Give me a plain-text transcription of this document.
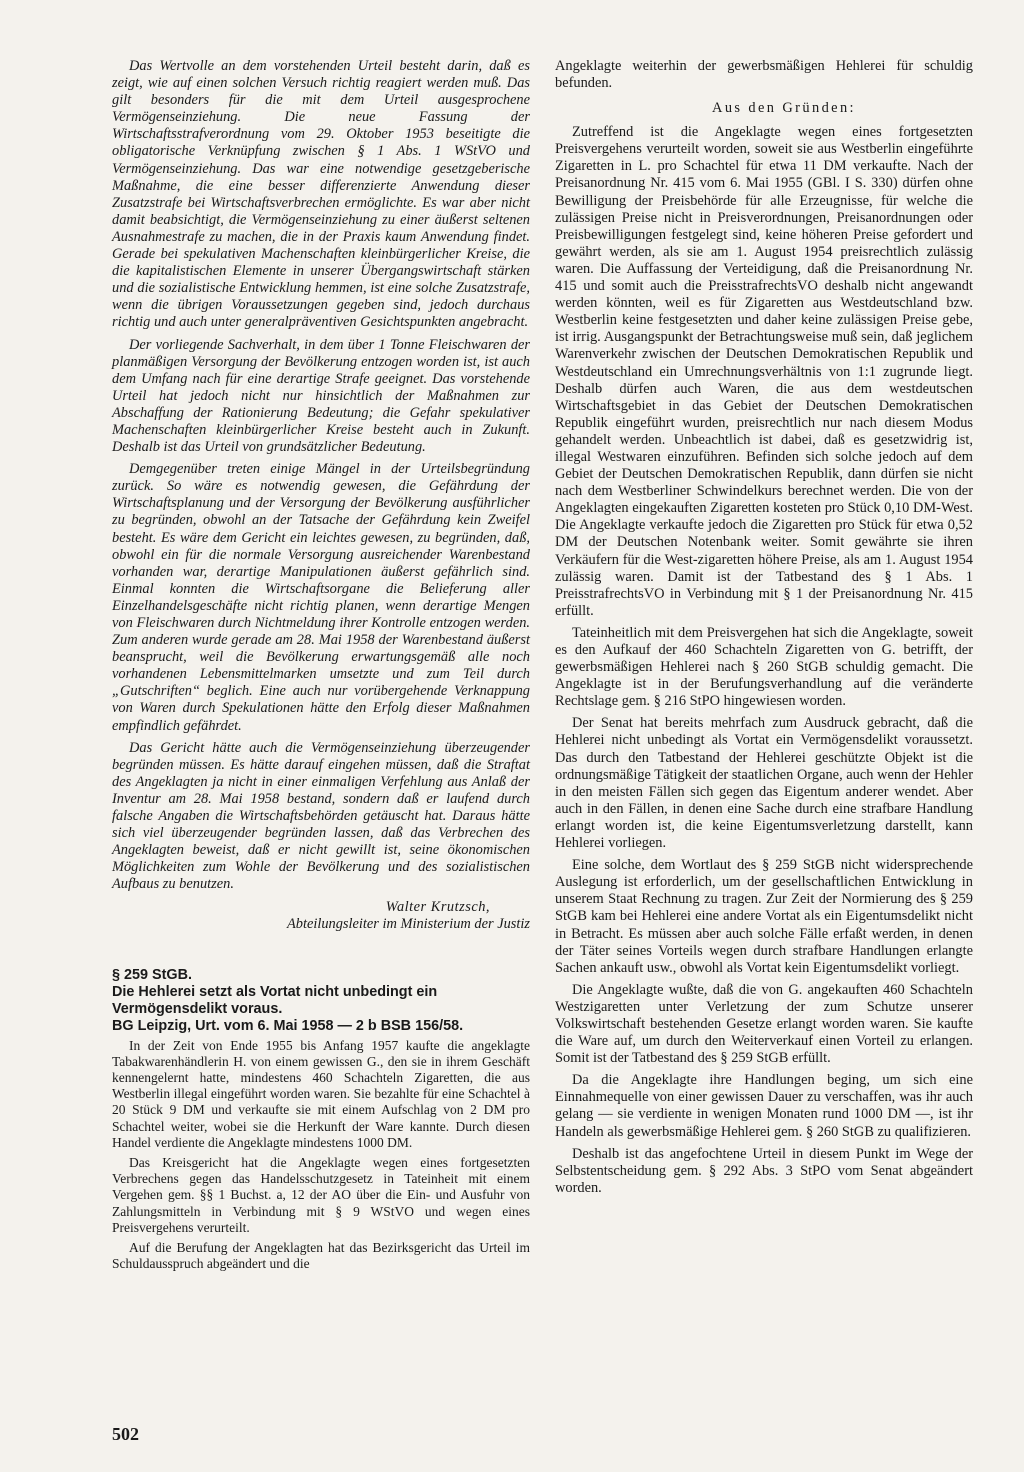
Das Wertvolle an dem vorstehenden Urteil besteht darin, daß es zeigt, wie auf einen solchen Versuch richtig reagiert werden muß. Das gilt besonders für die mit dem Urteil ausgesprochene Vermögenseinziehung. Die neue Fassung der Wirtschaftsstrafverordnung vom 29. Oktober 1953 beseitigte die obligatorische Verknüpfung zwischen § 1 Abs. 1 WStVO und Vermögenseinziehung. Das war eine notwendige gesetzgeberische Maßnahme, die eine besser differenzierte Anwendung dieser Zusatzstrafe bei Wirtschaftsverbrechen ermöglichte. Es war aber nicht damit beabsichtigt, die Vermögenseinziehung zu einer äußerst seltenen Ausnahmestrafe zu machen, die in der Praxis kaum Anwendung findet. Gerade bei spekulativen Machenschaften kleinbürgerlicher Kreise, die die kapitalistischen Elemente in unserer Übergangswirtschaft stärken und die sozialistische Entwicklung hemmen, ist eine solche Zusatzstrafe, wenn die übrigen Voraussetzungen gegeben sind, jedoch durchaus richtig und auch unter generalpräventiven Gesichtspunkten angebracht.

Der vorliegende Sachverhalt, in dem über 1 Tonne Fleischwaren der planmäßigen Versorgung der Bevölkerung entzogen worden ist, ist auch dem Umfang nach für eine derartige Strafe geeignet. Das vorstehende Urteil hat jedoch nicht nur hinsichtlich der Maßnahmen zur Abschaffung der Rationierung Bedeutung; die Gefahr spekulativer Machenschaften kleinbürgerlicher Kreise besteht auch in Zukunft. Deshalb ist das Urteil von grundsätzlicher Bedeutung.

Demgegenüber treten einige Mängel in der Urteilsbegründung zurück. So wäre es notwendig gewesen, die Gefährdung der Wirtschaftsplanung und der Versorgung der Bevölkerung ausführlicher zu begründen, obwohl an der Tatsache der Gefährdung kein Zweifel besteht. Es wäre dem Gericht ein leichtes gewesen, zu begründen, daß, obwohl ein für die normale Versorgung ausreichender Warenbestand vorhanden war, derartige Manipulationen äußerst gefährlich sind. Einmal konnten die Wirtschaftsorgane die Belieferung aller Einzelhandelsgeschäfte nicht richtig planen, wenn derartige Mengen von Fleischwaren durch Nichtmeldung ihrer Kontrolle entzogen werden. Zum anderen wurde gerade am 28. Mai 1958 der Warenbestand äußerst beansprucht, weil die Bevölkerung erwartungsgemäß alle noch vorhandenen Lebensmittelmarken umsetzte und zum Teil durch „Gutschriften“ beglich. Eine auch nur vorübergehende Verknappung von Waren durch Spekulationen hätte den Erfolg dieser Maßnahmen empfindlich gefährdet.

Das Gericht hätte auch die Vermögenseinziehung überzeugender begründen müssen. Es hätte darauf eingehen müssen, daß die Straftat des Angeklagten ja nicht in einer einmaligen Verfehlung aus Anlaß der Inventur am 28. Mai 1958 bestand, sondern daß er laufend durch falsche Angaben die Wirtschaftsbehörden getäuscht hat. Daraus hätte sich viel überzeugender begründen lassen, daß das Verbrechen des Angeklagten beweist, daß er nicht gewillt ist, seine ökonomischen Möglichkeiten zum Wohle der Bevölkerung und des sozialistischen Aufbaus zu benutzen.

Walter Krutzsch,
Abteilungsleiter im Ministerium der Justiz
§ 259 StGB.
Die Hehlerei setzt als Vortat nicht unbedingt ein Vermögensdelikt voraus.
BG Leipzig, Urt. vom 6. Mai 1958 — 2 b BSB 156/58.

In der Zeit von Ende 1955 bis Anfang 1957 kaufte die angeklagte Tabakwarenhändlerin H. von einem gewissen G., den sie in ihrem Geschäft kennengelernt hatte, mindestens 460 Schachteln Zigaretten, die aus Westberlin illegal eingeführt worden waren. Sie bezahlte für eine Schachtel à 20 Stück 9 DM und verkaufte sie mit einem Aufschlag von 2 DM pro Schachtel weiter, wobei sie die Herkunft der Ware kannte. Durch diesen Handel verdiente die Angeklagte mindestens 1000 DM.

Das Kreisgericht hat die Angeklagte wegen eines fortgesetzten Verbrechens gegen das Handelsschutzgesetz in Tateinheit mit einem Vergehen gem. §§ 1 Buchst. a, 12 der AO über die Ein- und Ausfuhr von Zahlungsmitteln in Verbindung mit § 9 WStVO und wegen eines Preisvergehens verurteilt.

Auf die Berufung der Angeklagten hat das Bezirksgericht das Urteil im Schuldausspruch abgeändert und die

Angeklagte weiterhin der gewerbsmäßigen Hehlerei für schuldig befunden.

Aus den Gründen:

Zutreffend ist die Angeklagte wegen eines fortgesetzten Preisvergehens verurteilt worden, soweit sie aus Westberlin eingeführte Zigaretten in L. pro Schachtel für etwa 11 DM verkaufte. Nach der Preisanordnung Nr. 415 vom 6. Mai 1955 (GBl. I S. 330) dürfen ohne Bewilligung der Preisbehörde für alle Erzeugnisse, für welche die zulässigen Preise nicht in Preisverordnungen, Preisanordnungen oder Preisbewilligungen festgelegt sind, keine höheren Preise gefordert und gewährt werden, als sie am 1. August 1954 preisrechtlich zulässig waren. Die Auffassung der Verteidigung, daß die Preisanordnung Nr. 415 und somit auch die PreisstrafrechtsVO deshalb nicht angewandt werden könnten, weil es für Zigaretten aus Westdeutschland bzw. Westberlin keine festgesetzten und daher keine zulässigen Preise gebe, ist irrig. Ausgangspunkt der Betrachtungsweise muß sein, daß jeglichem Warenverkehr zwischen der Deutschen Demokratischen Republik und Westdeutschland ein Umrechnungsverhältnis von 1:1 zugrunde liegt. Deshalb dürfen auch Waren, die aus dem westdeutschen Wirtschaftsgebiet in das Gebiet der Deutschen Demokratischen Republik eingeführt wurden, preisrechtlich nur nach diesem Modus gehandelt werden. Unbeachtlich ist dabei, daß es gesetzwidrig ist, illegal Westwaren einzuführen. Befinden sich solche jedoch auf dem Gebiet der Deutschen Demokratischen Republik, dann dürfen sie nicht nach dem Westberliner Schwindelkurs berechnet werden. Die von der Angeklagten eingekauften Zigaretten kosteten pro Stück 0,10 DM-West. Die Angeklagte verkaufte jedoch die Zigaretten pro Stück für etwa 0,52 DM der Deutschen Notenbank weiter. Somit gewährte sie ihren Verkäufern für die West-zigaretten höhere Preise, als am 1. August 1954 zulässig waren. Damit ist der Tatbestand des § 1 Abs. 1 PreisstrafrechtsVO in Verbindung mit § 1 der Preisanordnung Nr. 415 erfüllt.

Tateinheitlich mit dem Preisvergehen hat sich die Angeklagte, soweit es den Aufkauf der 460 Schachteln Zigaretten von G. betrifft, der gewerbsmäßigen Hehlerei nach § 260 StGB schuldig gemacht. Die Angeklagte ist in der Berufungsverhandlung auf die veränderte Rechtslage gem. § 216 StPO hingewiesen worden.

Der Senat hat bereits mehrfach zum Ausdruck gebracht, daß die Hehlerei nicht unbedingt als Vortat ein Vermögensdelikt voraussetzt. Das durch den Tatbestand der Hehlerei geschützte Objekt ist die ordnungsmäßige Tätigkeit der staatlichen Organe, auch wenn der Hehler in den meisten Fällen sich gegen das Eigentum anderer wendet. Aber auch in den Fällen, in denen eine Sache durch eine strafbare Handlung erlangt worden ist, die keine Eigentumsverletzung darstellt, kann Hehlerei vorliegen.

Eine solche, dem Wortlaut des § 259 StGB nicht widersprechende Auslegung ist erforderlich, um der gesellschaftlichen Entwicklung in unserem Staat Rechnung zu tragen. Zur Zeit der Normierung des § 259 StGB kam bei Hehlerei eine andere Vortat als ein Eigentumsdelikt nicht in Betracht. Es müssen aber auch solche Fälle erfaßt werden, in denen der Täter seines Vorteils wegen durch strafbare Handlungen erlangte Sachen ankauft usw., obwohl als Vortat kein Eigentumsdelikt vorliegt.

Die Angeklagte wußte, daß die von G. angekauften 460 Schachteln Westzigaretten unter Verletzung der zum Schutze unserer Volkswirtschaft bestehenden Gesetze erlangt worden waren. Sie kaufte die Ware auf, um durch den Weiterverkauf einen Vorteil zu erlangen. Somit ist der Tatbestand des § 259 StGB erfüllt.

Da die Angeklagte ihre Handlungen beging, um sich eine Einnahmequelle von einer gewissen Dauer zu verschaffen, was ihr auch gelang — sie verdiente in wenigen Monaten rund 1000 DM —, ist ihr Handeln als gewerbsmäßige Hehlerei gem. § 260 StGB zu qualifizieren.

Deshalb ist das angefochtene Urteil in diesem Punkt im Wege der Selbstentscheidung gem. § 292 Abs. 3 StPO vom Senat abgeändert worden.

502
